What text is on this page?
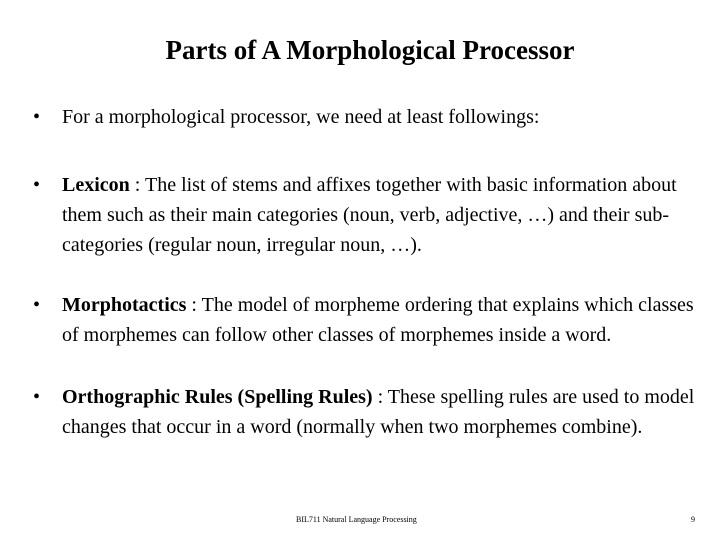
Parts of A Morphological Processor
• For a morphological processor, we need at least followings:
• Lexicon : The list of stems and affixes together with basic information about them such as their main categories (noun, verb, adjective, …) and their sub-categories (regular noun, irregular noun, …).
• Morphotactics : The model of morpheme ordering that explains which classes of morphemes can follow other classes of morphemes inside a word.
• Orthographic Rules (Spelling Rules) : These spelling rules are used to model changes that occur in a word (normally when two morphemes combine).
BIL711 Natural Language Processing	9
